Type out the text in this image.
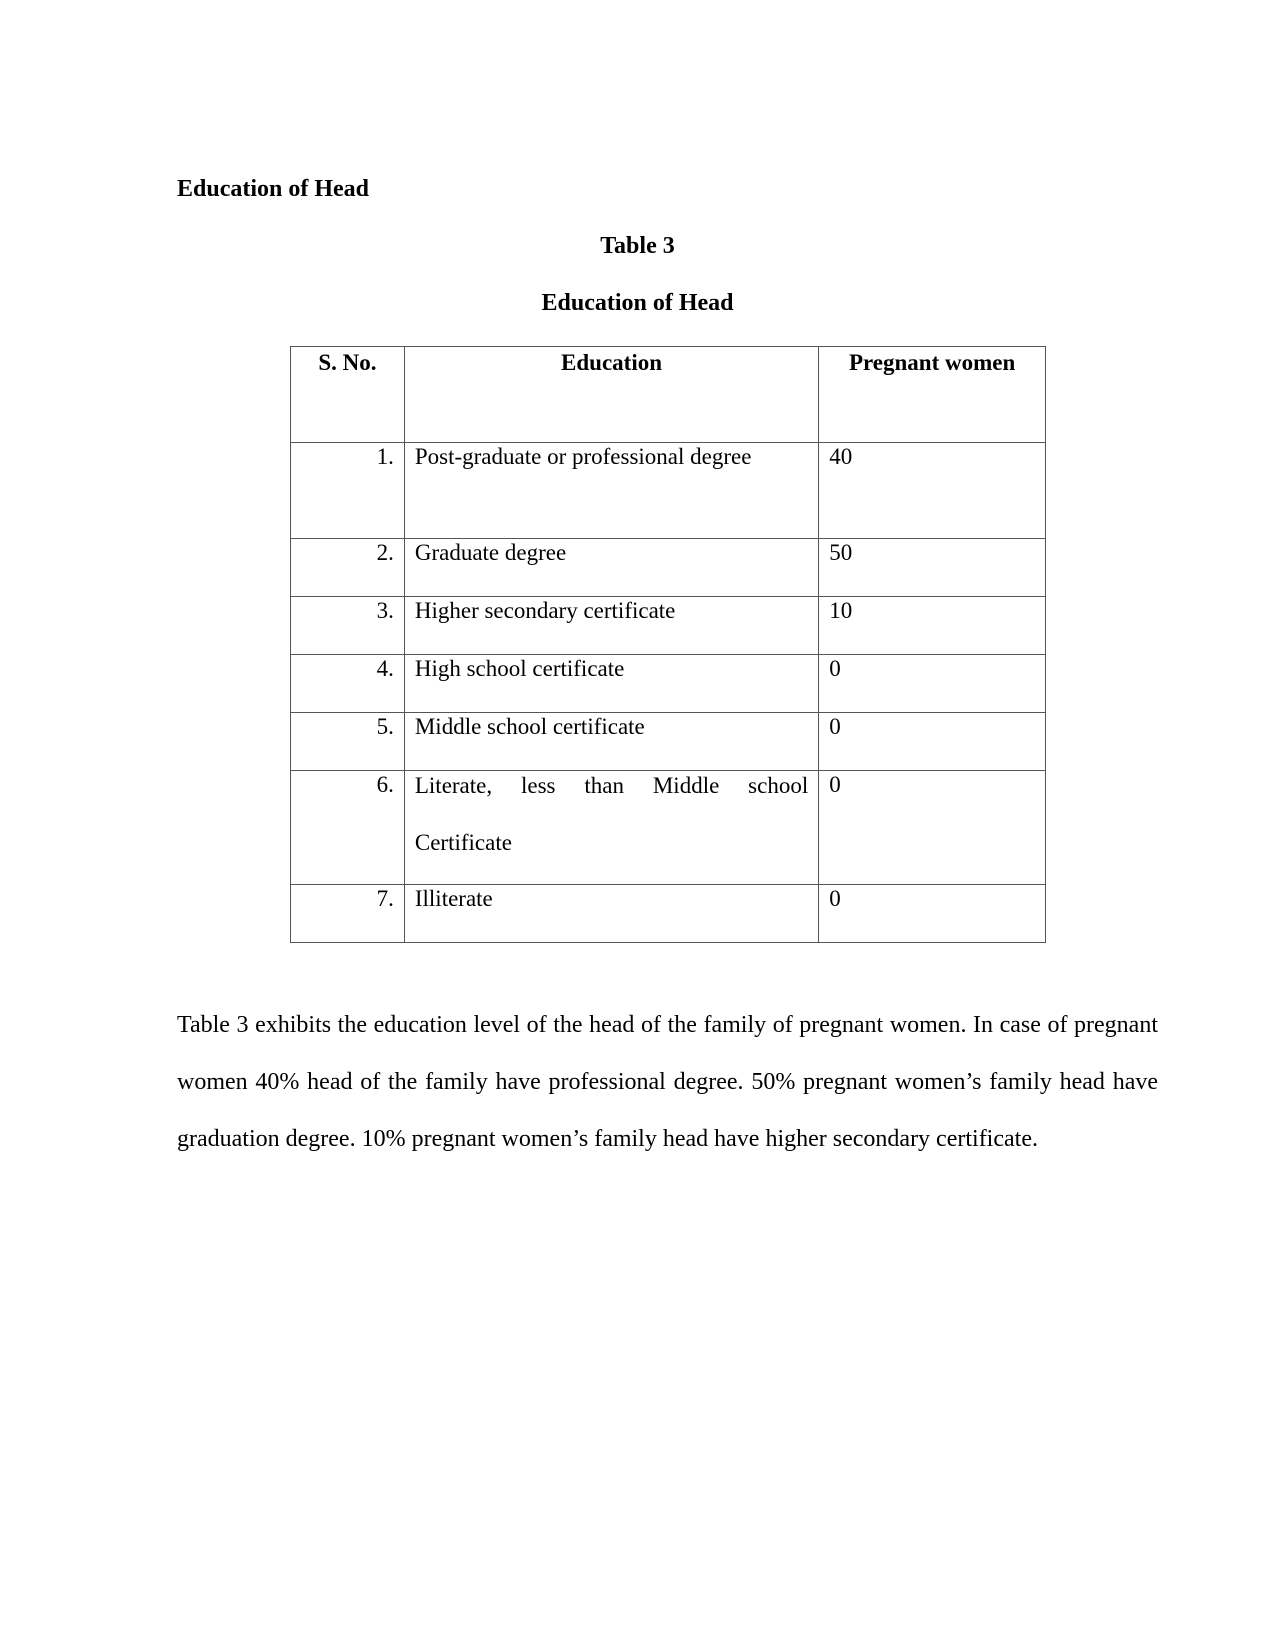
Education of Head
Table 3
Education of Head
S. No.	Education	Pregnant women
1.	Post-graduate or professional degree	40
2.	Graduate degree	50
3.	Higher secondary certificate	10
4.	High school certificate	0
5.	Middle school certificate	0
6.	Literate, less than Middle school Certificate	0
7.	Illiterate	0

Table 3 exhibits the education level of the head of the family of pregnant women. In case of pregnant women 40% head of the family have professional degree. 50% pregnant women’s family head have graduation degree. 10% pregnant women’s family head have higher secondary certificate.
